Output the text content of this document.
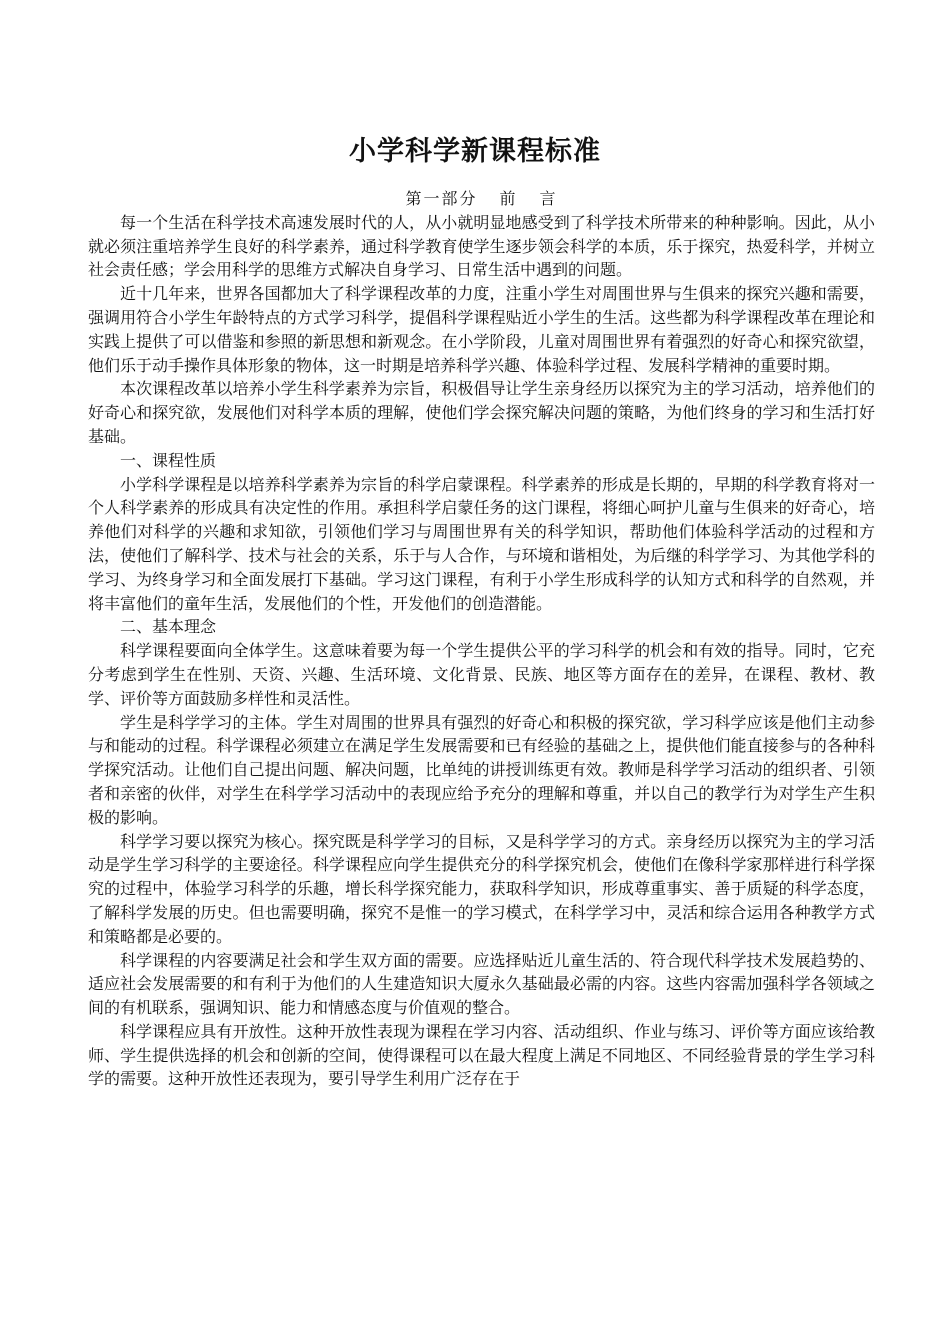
小学科学新课程标准
第一部分 前 言

每一个生活在科学技术高速发展时代的人，从小就明显地感受到了科学技术所带来的种种影响。因此，从小就必须注重培养学生良好的科学素养，通过科学教育使学生逐步领会科学的本质，乐于探究，热爱科学，并树立社会责任感；学会用科学的思维方式解决自身学习、日常生活中遇到的问题。

近十几年来，世界各国都加大了科学课程改革的力度，注重小学生对周围世界与生俱来的探究兴趣和需要，强调用符合小学生年龄特点的方式学习科学，提倡科学课程贴近小学生的生活。这些都为科学课程改革在理论和实践上提供了可以借鉴和参照的新思想和新观念。在小学阶段，儿童对周围世界有着强烈的好奇心和探究欲望，他们乐于动手操作具体形象的物体，这一时期是培养科学兴趣、体验科学过程、发展科学精神的重要时期。

本次课程改革以培养小学生科学素养为宗旨，积极倡导让学生亲身经历以探究为主的学习活动，培养他们的好奇心和探究欲，发展他们对科学本质的理解，使他们学会探究解决问题的策略，为他们终身的学习和生活打好基础。

一、课程性质

小学科学课程是以培养科学素养为宗旨的科学启蒙课程。科学素养的形成是长期的，早期的科学教育将对一个人科学素养的形成具有决定性的作用。承担科学启蒙任务的这门课程，将细心呵护儿童与生俱来的好奇心，培养他们对科学的兴趣和求知欲，引领他们学习与周围世界有关的科学知识，帮助他们体验科学活动的过程和方法，使他们了解科学、技术与社会的关系，乐于与人合作，与环境和谐相处，为后继的科学学习、为其他学科的学习、为终身学习和全面发展打下基础。学习这门课程，有利于小学生形成科学的认知方式和科学的自然观，并将丰富他们的童年生活，发展他们的个性，开发他们的创造潜能。

二、基本理念

科学课程要面向全体学生。这意味着要为每一个学生提供公平的学习科学的机会和有效的指导。同时，它充分考虑到学生在性别、天资、兴趣、生活环境、文化背景、民族、地区等方面存在的差异，在课程、教材、教学、评价等方面鼓励多样性和灵活性。

学生是科学学习的主体。学生对周围的世界具有强烈的好奇心和积极的探究欲，学习科学应该是他们主动参与和能动的过程。科学课程必须建立在满足学生发展需要和已有经验的基础之上，提供他们能直接参与的各种科学探究活动。让他们自己提出问题、解决问题，比单纯的讲授训练更有效。教师是科学学习活动的组织者、引领者和亲密的伙伴，对学生在科学学习活动中的表现应给予充分的理解和尊重，并以自己的教学行为对学生产生积极的影响。

科学学习要以探究为核心。探究既是科学学习的目标，又是科学学习的方式。亲身经历以探究为主的学习活动是学生学习科学的主要途径。科学课程应向学生提供充分的科学探究机会，使他们在像科学家那样进行科学探究的过程中，体验学习科学的乐趣，增长科学探究能力，获取科学知识，形成尊重事实、善于质疑的科学态度，了解科学发展的历史。但也需要明确，探究不是惟一的学习模式，在科学学习中，灵活和综合运用各种教学方式和策略都是必要的。

科学课程的内容要满足社会和学生双方面的需要。应选择贴近儿童生活的、符合现代科学技术发展趋势的、适应社会发展需要的和有利于为他们的人生建造知识大厦永久基础最必需的内容。这些内容需加强科学各领域之间的有机联系，强调知识、能力和情感态度与价值观的整合。

科学课程应具有开放性。这种开放性表现为课程在学习内容、活动组织、作业与练习、评价等方面应该给教师、学生提供选择的机会和创新的空间，使得课程可以在最大程度上满足不同地区、不同经验背景的学生学习科学的需要。这种开放性还表现为，要引导学生利用广泛存在于
